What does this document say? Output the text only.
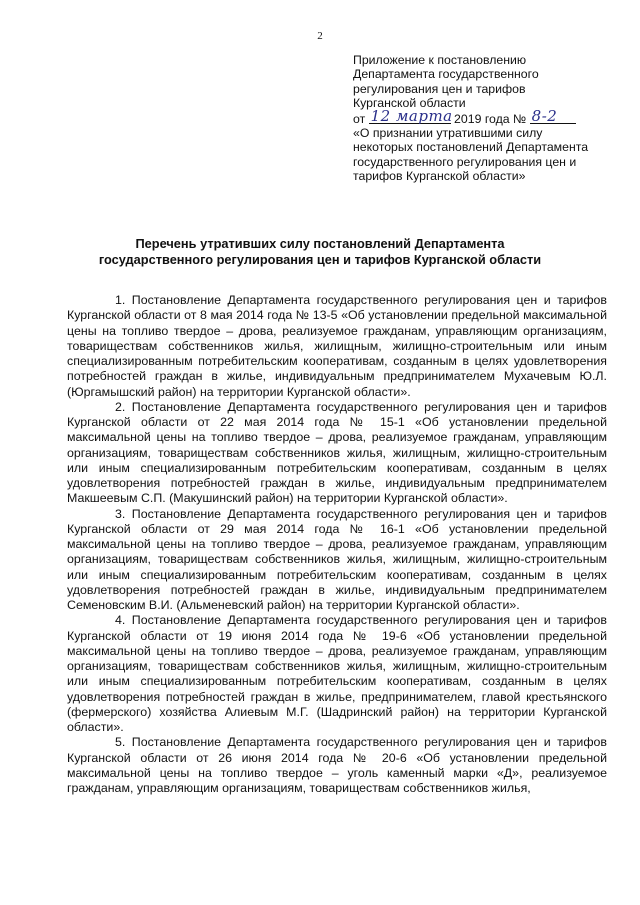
2
Приложение к постановлению
Департамента государственного
регулирования цен и тарифов
Курганской области
от 12 марта 2019 года № 8-2
«О признании утратившими силу
некоторых постановлений Департамента
государственного регулирования цен и
тарифов Курганской области»
Перечень утративших силу постановлений Департамента
государственного регулирования цен и тарифов Курганской области

1. Постановление Департамента государственного регулирования цен и тарифов Курганской области от 8 мая 2014 года № 13-5 «Об установлении предельной максимальной цены на топливо твердое – дрова, реализуемое гражданам, управляющим организациям, товариществам собственников жилья, жилищным, жилищно-строительным или иным специализированным потребительским кооперативам, созданным в целях удовлетворения потребностей граждан в жилье, индивидуальным предпринимателем Мухачевым Ю.Л. (Юргамышский район) на территории Курганской области».

2. Постановление Департамента государственного регулирования цен и тарифов Курганской области от 22 мая 2014 года № 15-1 «Об установлении предельной максимальной цены на топливо твердое – дрова, реализуемое гражданам, управляющим организациям, товариществам собственников жилья, жилищным, жилищно-строительным или иным специализированным потребительским кооперативам, созданным в целях удовлетворения потребностей граждан в жилье, индивидуальным предпринимателем Макшеевым С.П. (Макушинский район) на территории Курганской области».

3. Постановление Департамента государственного регулирования цен и тарифов Курганской области от 29 мая 2014 года № 16-1 «Об установлении предельной максимальной цены на топливо твердое – дрова, реализуемое гражданам, управляющим организациям, товариществам собственников жилья, жилищным, жилищно-строительным или иным специализированным потребительским кооперативам, созданным в целях удовлетворения потребностей граждан в жилье, индивидуальным предпринимателем Семеновским В.И. (Альменевский район) на территории Курганской области».

4. Постановление Департамента государственного регулирования цен и тарифов Курганской области от 19 июня 2014 года № 19-6 «Об установлении предельной максимальной цены на топливо твердое – дрова, реализуемое гражданам, управляющим организациям, товариществам собственников жилья, жилищным, жилищно-строительным или иным специализированным потребительским кооперативам, созданным в целях удовлетворения потребностей граждан в жилье, предпринимателем, главой крестьянского (фермерского) хозяйства Алиевым М.Г. (Шадринский район) на территории Курганской области».

5. Постановление Департамента государственного регулирования цен и тарифов Курганской области от 26 июня 2014 года № 20-6 «Об установлении предельной максимальной цены на топливо твердое – уголь каменный марки «Д», реализуемое гражданам, управляющим организациям, товариществам собственников жилья,
